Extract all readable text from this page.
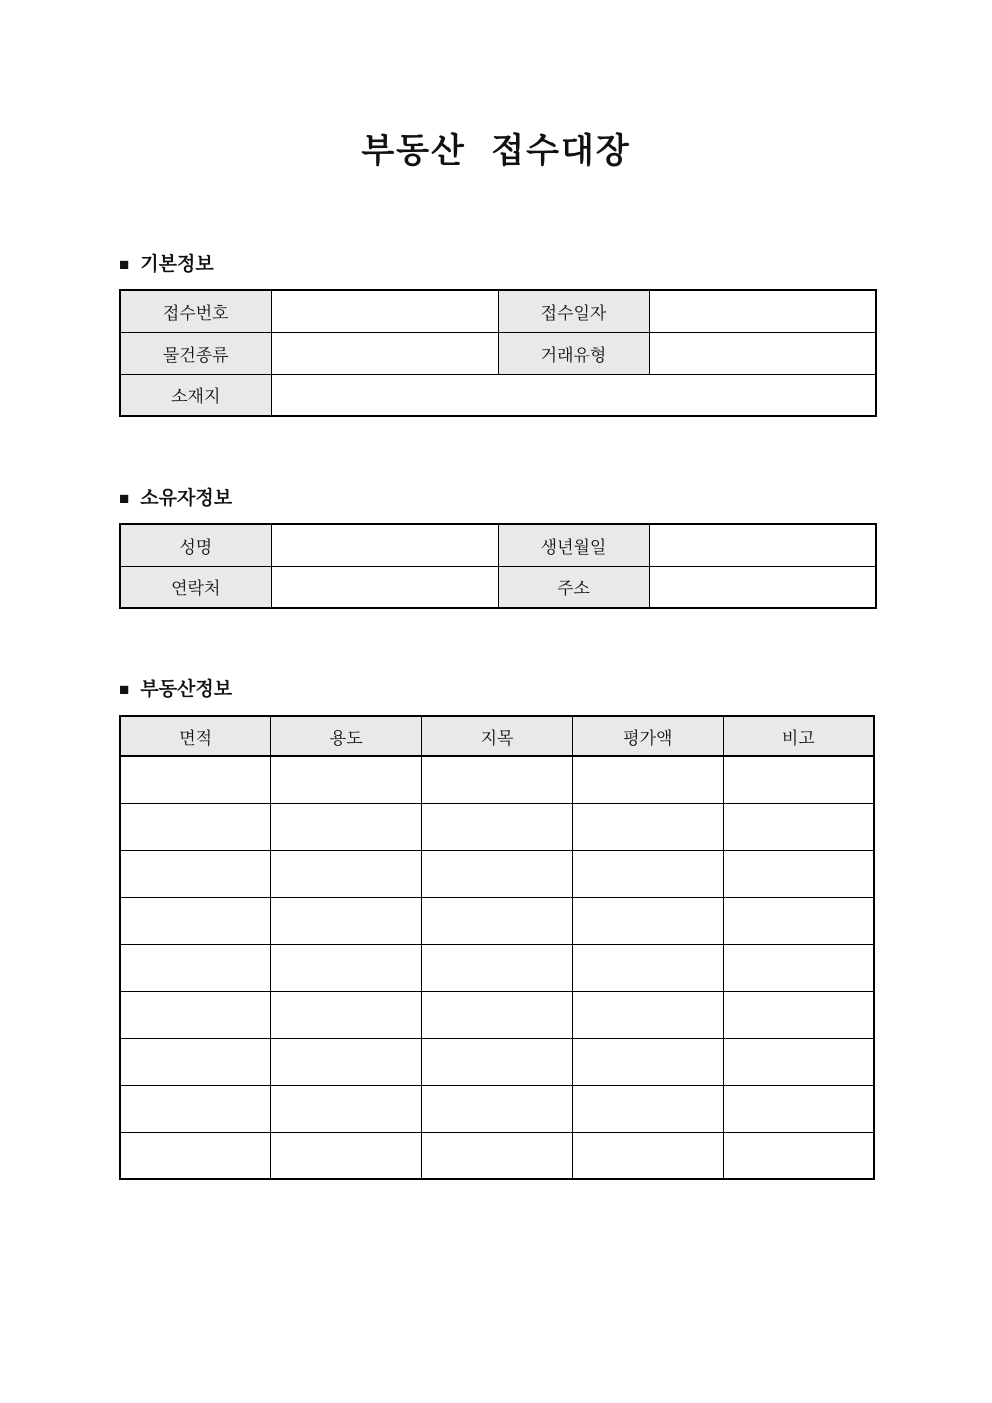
부동산 접수대장
■ 기본정보
접수번호		접수일자	
물건종류		거래유형	
소재지			
■ 소유자정보
성명		생년월일	
연락처		주소	
■ 부동산정보
면적	용도	지목	평가액	비고
